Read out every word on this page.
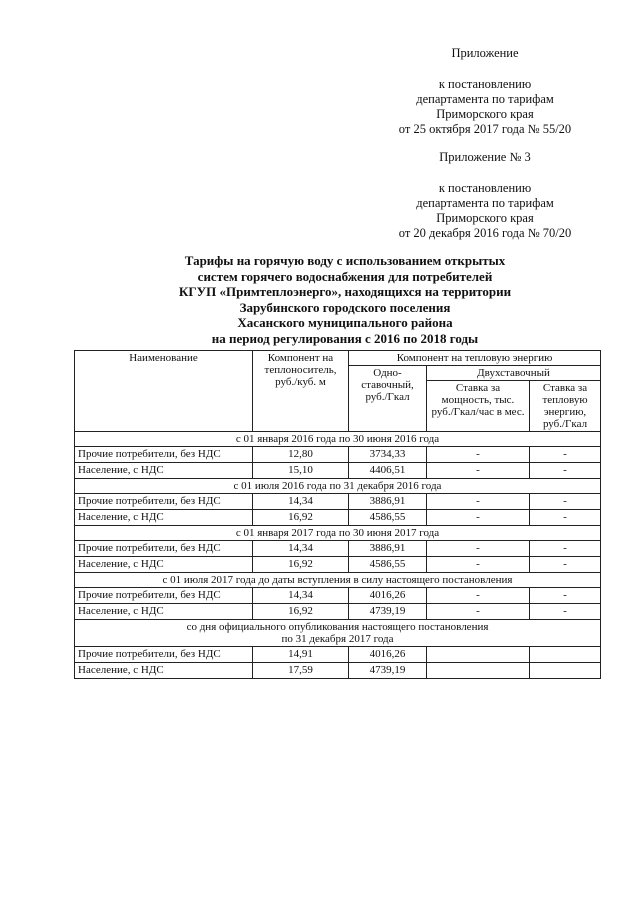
Приложение
к постановлению
департамента по тарифам
Приморского края
от 25 октября 2017 года № 55/20
Приложение № 3
к постановлению
департамента по тарифам
Приморского края
от 20 декабря 2016 года № 70/20
Тарифы на горячую воду с использованием открытых
систем горячего водоснабжения для потребителей
КГУП «Примтеплоэнерго», находящихся на территории
Зарубинского городского поселения
Хасанского муниципального района
на период регулирования с 2016 по 2018 годы
Наименование	Компонент на теплоноситель, руб./куб. м	Компонент на тепловую энергию		
		Одно-ставочный, руб./Гкал	Двухставочный	
			Ставка за мощность, тыс. руб./Гкал/час в мес.	Ставка за тепловую энергию, руб./Гкал
с 01 января 2016 года по 30 июня 2016 года				
Прочие потребители, без НДС	12,80	3734,33	-	-
Население, с НДС	15,10	4406,51	-	-
с 01 июля 2016 года по 31 декабря 2016 года				
Прочие потребители, без НДС	14,34	3886,91	-	-
Население, с НДС	16,92	4586,55	-	-
с 01 января 2017 года по 30 июня 2017 года				
Прочие потребители, без НДС	14,34	3886,91	-	-
Население, с НДС	16,92	4586,55	-	-
с 01 июля 2017 года до даты вступления в силу настоящего постановления				
Прочие потребители, без НДС	14,34	4016,26	-	-
Население, с НДС	16,92	4739,19	-	-
со дня официального опубликования настоящего постановления
по 31 декабря 2017 года				
Прочие потребители, без НДС	14,91	4016,26		
Население, с НДС	17,59	4739,19		
